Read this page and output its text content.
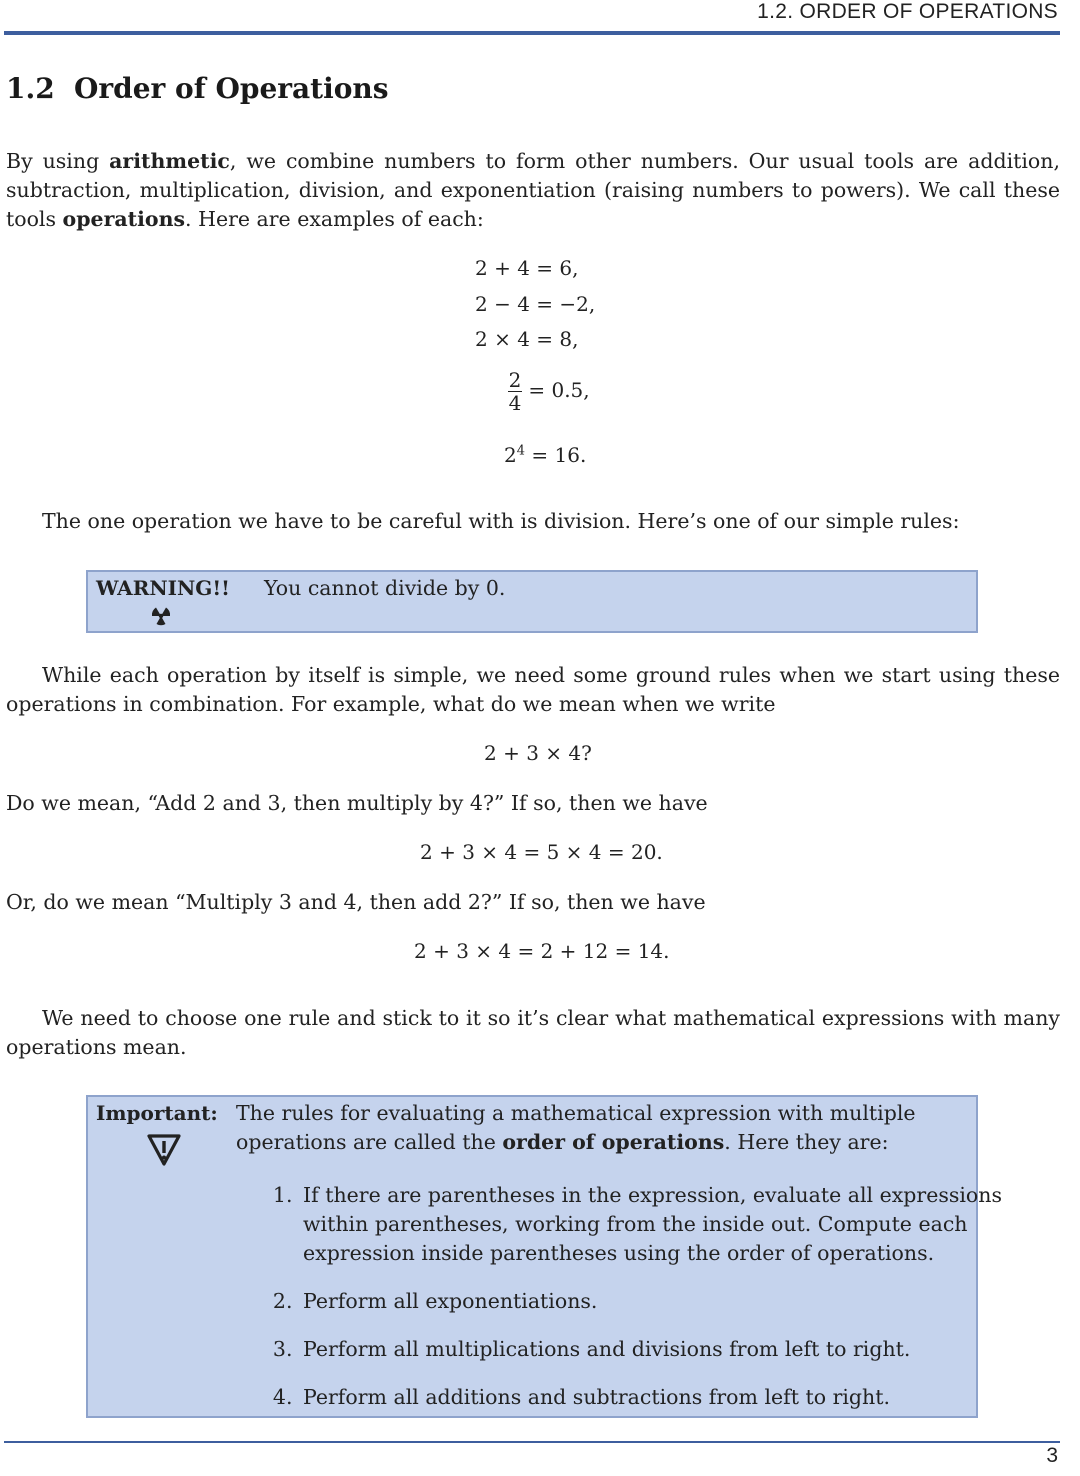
1.2. ORDER OF OPERATIONS
1.2 Order of Operations

By using arithmetic, we combine numbers to form other numbers. Our usual tools are addition, subtraction, multiplication, division, and exponentiation (raising numbers to powers). We call these tools operations. Here are examples of each:

2 + 4 = 6,
2 − 4 = −2,
2 × 4 = 8,
$\frac{2}{4} = 0.5$,
$2^4 = 16$.

The one operation we have to be careful with is division. Here’s one of our simple rules:

WARNING!! You cannot divide by 0.

While each operation by itself is simple, we need some ground rules when we start using these operations in combination. For example, what do we mean when we write

2 + 3 × 4?

Do we mean, “Add 2 and 3, then multiply by 4?” If so, then we have

2 + 3 × 4 = 5 × 4 = 20.

Or, do we mean “Multiply 3 and 4, then add 2?” If so, then we have

2 + 3 × 4 = 2 + 12 = 14.

We need to choose one rule and stick to it so it’s clear what mathematical expressions with many operations mean.

Important: The rules for evaluating a mathematical expression with multiple operations are called the order of operations. Here they are:

1. If there are parentheses in the expression, evaluate all expressions within parentheses, working from the inside out. Compute each expression inside parentheses using the order of operations.
2. Perform all exponentiations.
3. Perform all multiplications and divisions from left to right.
4. Perform all additions and subtractions from left to right.
3
